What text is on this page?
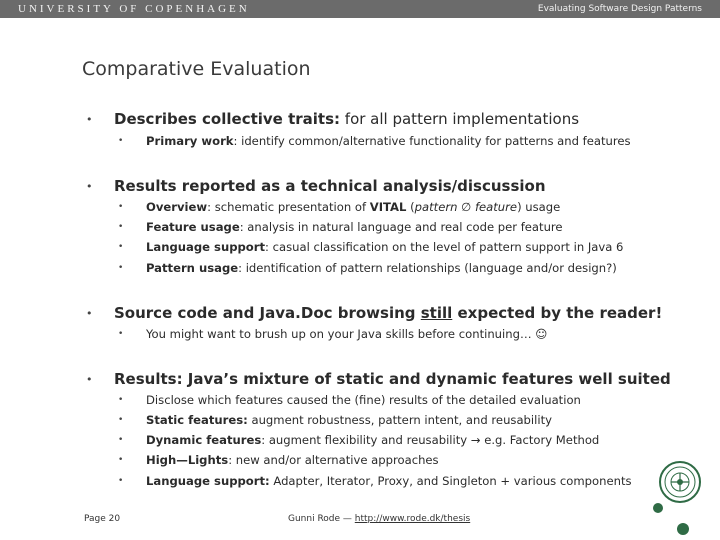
UNIVERSITY OF COPENHAGEN	Evaluating Software Design Patterns
Comparative Evaluation
• Describes collective traits: for all pattern implementations
• Primary work: identify common/alternative functionality for patterns and features
• Results reported as a technical analysis/discussion
• Overview: schematic presentation of VITAL (pattern ∅ feature) usage
• Feature usage: analysis in natural language and real code per feature
• Language support: casual classification on the level of pattern support in Java 6
• Pattern usage: identification of pattern relationships (language and/or design?)
• Source code and Java.Doc browsing still expected by the reader!
• You might want to brush up on your Java skills before continuing… ☺
• Results: Java’s mixture of static and dynamic features well suited
• Disclose which features caused the (fine) results of the detailed evaluation
• Static features: augment robustness, pattern intent, and reusability
• Dynamic features: augment flexibility and reusability → e.g. Factory Method
• High—Lights: new and/or alternative approaches
• Language support: Adapter, Iterator, Proxy, and Singleton + various components
Page 20	Gunni Rode — http://www.rode.dk/thesis
